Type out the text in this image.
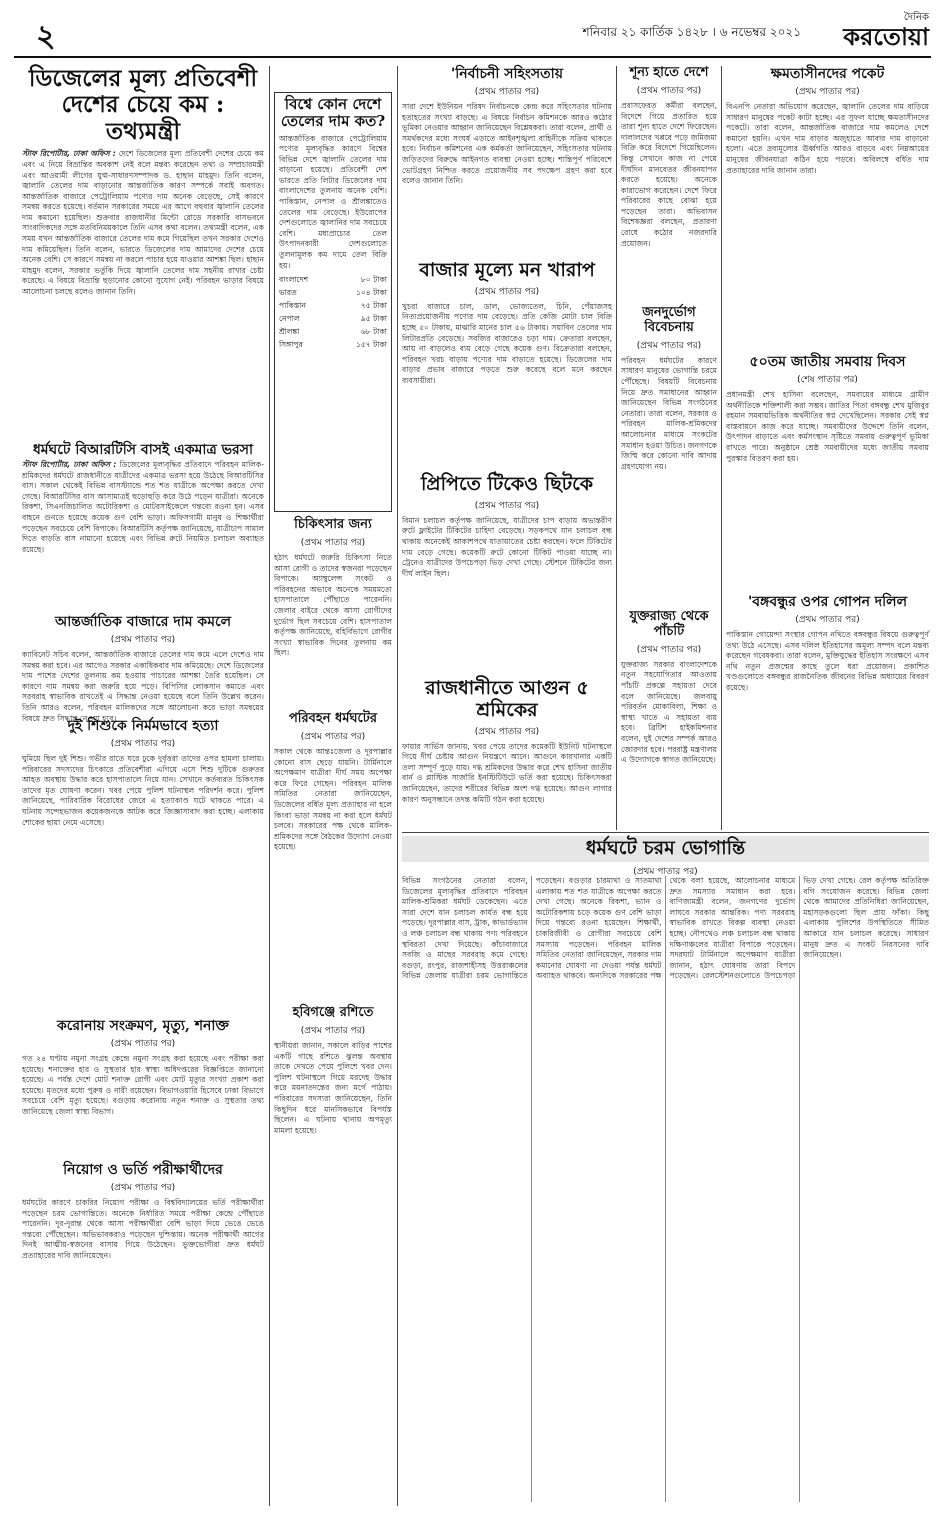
২	শনিবার ২১ কার্তিক ১৪২৮ । ৬ নভেম্বর ২০২১
দৈনিক
করতোয়া
ডিজেলের মূল্য প্রতিবেশী
দেশের চেয়ে কম : তথ্যমন্ত্রী
স্টাফ রিপোর্টার, ঢাকা অফিস : দেশে ডিজেলের মূল্য প্রতিবেশী দেশের চেয়ে কম এবং এ নিয়ে বিভ্রান্তির অবকাশ নেই বলে মন্তব্য করেছেন তথ্য ও সম্প্রচারমন্ত্রী এবং আওয়ামী লীগের যুগ্ম-সাধারণসম্পাদক ড. হাছান মাহমুদ। তিনি বলেন, জ্বালানি তেলের দাম বাড়ানোর আন্তর্জাতিক কারণ সম্পর্কে সবাই অবগত। আন্তর্জাতিক বাজারে পেট্রোলিয়াম পণ্যের দাম অনেক বেড়েছে, সেই কারণে সমন্বয় করতে হয়েছে। বর্তমান সরকারের সময়ে এর আগে বহুবার জ্বালানি তেলের দাম কমানো হয়েছিল। শুক্রবার রাজধানীর মিন্টো রোডে সরকারি বাসভবনে সাংবাদিকদের সঙ্গে মতবিনিময়কালে তিনি এসব কথা বলেন। তথ্যমন্ত্রী বলেন, এক সময় যখন আন্তর্জাতিক বাজারে তেলের দাম কমে গিয়েছিল তখন সরকার দেশেও দাম কমিয়েছিল। তিনি বলেন, ভারতে ডিজেলের দাম আমাদের দেশের চেয়ে অনেক বেশি। সে কারণে সমন্বয় না করলে পাচার হয়ে যাওয়ার আশঙ্কা ছিল। হাছান মাহমুদ বলেন, সরকার ভর্তুকি দিয়ে জ্বালানি তেলের দাম সহনীয় রাখার চেষ্টা করেছে। এ বিষয়ে বিভ্রান্তি ছড়ানোর কোনো সুযোগ নেই। পরিবহন ভাড়ার বিষয়ে আলোচনা চলছে বলেও জানান তিনি।
ধর্মঘটে বিআরটিসি বাসই একমাত্র ভরসা
স্টাফ রিপোর্টার, ঢাকা অফিস : ডিজেলের মূল্যবৃদ্ধির প্রতিবাদে পরিবহন মালিক-শ্রমিকদের ধর্মঘটে রাজধানীতে যাত্রীদের একমাত্র ভরসা হয়ে উঠেছে বিআরটিসির বাস। সকাল থেকেই বিভিন্ন বাসস্ট্যান্ডে শত শত যাত্রীকে অপেক্ষা করতে দেখা গেছে। বিআরটিসির বাস আসামাত্রই হুড়োহুড়ি করে উঠে পড়েন যাত্রীরা। অনেকে রিকশা, সিএনজিচালিত অটোরিকশা ও মোটরসাইকেলে গন্তব্যে রওনা হন। এসব বাহনে গুনতে হয়েছে কয়েক গুণ বেশি ভাড়া। অফিসগামী মানুষ ও শিক্ষার্থীরা পড়েছেন সবচেয়ে বেশি বিপাকে। বিআরটিসি কর্তৃপক্ষ জানিয়েছে, যাত্রীচাপ সামাল দিতে বাড়তি বাস নামানো হয়েছে এবং বিভিন্ন রুটে নিয়মিত চলাচল অব্যাহত রয়েছে।
আন্তর্জাতিক বাজারে দাম কমলে
(প্রথম পাতার পর)
ক্যাবিনেট সচিব বলেন, আন্তর্জাতিক বাজারে তেলের দাম কমে এলে দেশেও দাম সমন্বয় করা হবে। এর আগেও সরকার একাধিকবার দাম কমিয়েছে। দেশে ডিজেলের দাম পাশের দেশের তুলনায় কম হওয়ায় পাচারের আশঙ্কা তৈরি হয়েছিল। সে কারণে দাম সমন্বয় করা জরুরি হয়ে পড়ে। বিপিসির লোকসান কমাতে এবং সরবরাহ স্বাভাবিক রাখতেই এ সিদ্ধান্ত নেওয়া হয়েছে বলে তিনি উল্লেখ করেন। তিনি আরও বলেন, পরিবহন মালিকদের সঙ্গে আলোচনা করে ভাড়া সমন্বয়ের বিষয়ে দ্রুত সিদ্ধান্ত নেওয়া হবে।
দুই শিশুকে নির্মমভাবে হত্যা
(প্রথম পাতার পর)
ঘুমিয়ে ছিল দুই শিশু। গভীর রাতে ঘরে ঢুকে দুর্বৃত্তরা তাদের ওপর হামলা চালায়। পরিবারের সদস্যদের চিৎকারে প্রতিবেশীরা এগিয়ে এসে শিশু দুটিকে গুরুতর আহত অবস্থায় উদ্ধার করে হাসপাতালে নিয়ে যান। সেখানে কর্তব্যরত চিকিৎসক তাদের মৃত ঘোষণা করেন। খবর পেয়ে পুলিশ ঘটনাস্থল পরিদর্শন করে। পুলিশ জানিয়েছে, পারিবারিক বিরোধের জেরে এ হত্যাকাণ্ড ঘটে থাকতে পারে। এ ঘটনায় সন্দেহভাজন কয়েকজনকে আটক করে জিজ্ঞাসাবাদ করা হচ্ছে। এলাকায় শোকের ছায়া নেমে এসেছে।
করোনায় সংক্রমণ, মৃত্যু, শনাক্ত
(প্রথম পাতার পর)
গত ২৪ ঘণ্টায় নমুনা সংগ্রহ কেন্দ্রে নমুনা সংগ্রহ করা হয়েছে এবং পরীক্ষা করা হয়েছে। শনাক্তের হার ও সুস্থতার হার স্বাস্থ্য অধিদপ্তরের বিজ্ঞপ্তিতে জানানো হয়েছে। এ পর্যন্ত দেশে মোট শনাক্ত রোগী এবং মোট মৃত্যুর সংখ্যা প্রকাশ করা হয়েছে। মৃতদের মধ্যে পুরুষ ও নারী রয়েছেন। বিভাগওয়ারি হিসেবে ঢাকা বিভাগে সবচেয়ে বেশি মৃত্যু হয়েছে। বগুড়ায় করোনায় নতুন শনাক্ত ও সুস্থতার তথ্য জানিয়েছে জেলা স্বাস্থ্য বিভাগ।
নিয়োগ ও ভর্তি পরীক্ষার্থীদের
(প্রথম পাতার পর)
ধর্মঘটের কারণে চাকরির নিয়োগ পরীক্ষা ও বিশ্ববিদ্যালয়ের ভর্তি পরীক্ষার্থীরা পড়েছেন চরম ভোগান্তিতে। অনেকে নির্ধারিত সময়ে পরীক্ষা কেন্দ্রে পৌঁছাতে পারেননি। দূর-দূরান্ত থেকে আসা পরীক্ষার্থীরা বেশি ভাড়া দিয়ে ভেঙে ভেঙে গন্তব্যে পৌঁছেছেন। অভিভাবকরাও পড়েছেন দুশ্চিন্তায়। অনেক পরীক্ষার্থী আগের দিনই আত্মীয়-স্বজনের বাসায় গিয়ে উঠেছেন। ভুক্তভোগীরা দ্রুত ধর্মঘট প্রত্যাহারের দাবি জানিয়েছেন।
বিশ্বে কোন দেশে তেলের দাম কত?
আন্তর্জাতিক বাজারে পেট্রোলিয়াম পণ্যের মূল্যবৃদ্ধির কারণে বিশ্বের বিভিন্ন দেশে জ্বালানি তেলের দাম বাড়ানো হয়েছে। প্রতিবেশী দেশ ভারতে প্রতি লিটার ডিজেলের দাম বাংলাদেশের তুলনায় অনেক বেশি। পাকিস্তান, নেপাল ও শ্রীলঙ্কাতেও তেলের দাম বেড়েছে। ইউরোপের দেশগুলোতে জ্বালানির দাম সবচেয়ে বেশি। মধ্যপ্রাচ্যের তেল উৎপাদনকারী দেশগুলোতে তুলনামূলক কম দামে তেল বিক্রি হয়।
বাংলাদেশ	৮০ টাকা
ভারত	১০৪ টাকা
পাকিস্তান	৭৫ টাকা
নেপাল	৯৫ টাকা
শ্রীলঙ্কা	৬৮ টাকা
সিঙ্গাপুর	১৫৭ টাকা
চিকিৎসার জন্য
(প্রথম পাতার পর)
হঠাৎ ধর্মঘটে জরুরি চিকিৎসা নিতে আসা রোগী ও তাদের স্বজনরা পড়েছেন বিপাকে। অ্যাম্বুলেন্স সংকট ও পরিবহনের অভাবে অনেকে সময়মতো হাসপাতালে পৌঁছাতে পারেননি। জেলার বাইরে থেকে আসা রোগীদের দুর্ভোগ ছিল সবচেয়ে বেশি। হাসপাতাল কর্তৃপক্ষ জানিয়েছে, বহির্বিভাগে রোগীর সংখ্যা স্বাভাবিক দিনের তুলনায় কম ছিল।
পরিবহন ধর্মঘটের
(প্রথম পাতার পর)
সকাল থেকে আন্তঃজেলা ও দূরপাল্লার কোনো বাস ছেড়ে যায়নি। টার্মিনালে অপেক্ষমাণ যাত্রীরা দীর্ঘ সময় অপেক্ষা করে ফিরে গেছেন। পরিবহন মালিক সমিতির নেতারা জানিয়েছেন, ডিজেলের বর্ধিত মূল্য প্রত্যাহার না হলে কিংবা ভাড়া সমন্বয় না করা হলে ধর্মঘট চলবে। সরকারের পক্ষ থেকে মালিক-শ্রমিকদের সঙ্গে বৈঠকের উদ্যোগ নেওয়া হয়েছে।
হবিগঞ্জে রশিতে
(প্রথম পাতার পর)
স্থানীয়রা জানান, সকালে বাড়ির পাশের একটি গাছে রশিতে ঝুলন্ত অবস্থায় তাকে দেখতে পেয়ে পুলিশে খবর দেন। পুলিশ ঘটনাস্থলে গিয়ে মরদেহ উদ্ধার করে ময়নাতদন্তের জন্য মর্গে পাঠায়। পরিবারের সদস্যরা জানিয়েছেন, তিনি কিছুদিন ধরে মানসিকভাবে বিপর্যস্ত ছিলেন। এ ঘটনায় থানায় অপমৃত্যু মামলা হয়েছে।
'নির্বাচনী সহিংসতায়
(প্রথম পাতার পর)
সারা দেশে ইউনিয়ন পরিষদ নির্বাচনকে কেন্দ্র করে সহিংসতার ঘটনায় হতাহতের সংখ্যা বাড়ছে। এ বিষয়ে নির্বাচন কমিশনকে আরও কঠোর ভূমিকা নেওয়ার আহ্বান জানিয়েছেন বিশ্লেষকরা। তারা বলেন, প্রার্থী ও সমর্থকদের মধ্যে সংঘর্ষ এড়াতে আইনশৃঙ্খলা বাহিনীকে সক্রিয় থাকতে হবে। নির্বাচন কমিশনের এক কর্মকর্তা জানিয়েছেন, সহিংসতার ঘটনায় জড়িতদের বিরুদ্ধে আইনগত ব্যবস্থা নেওয়া হচ্ছে। শান্তিপূর্ণ পরিবেশে ভোটগ্রহণ নিশ্চিত করতে প্রয়োজনীয় সব পদক্ষেপ গ্রহণ করা হবে বলেও জানান তিনি।
বাজার মূল্যে মন খারাপ
(প্রথম পাতার পর)
খুচরা বাজারে চাল, ডাল, ভোজ্যতেল, চিনি, পেঁয়াজসহ নিত্যপ্রয়োজনীয় পণ্যের দাম বেড়েছে। প্রতি কেজি মোটা চাল বিক্রি হচ্ছে ৫০ টাকায়, মাঝারি মানের চাল ৫৬ টাকায়। সয়াবিন তেলের দাম লিটারপ্রতি বেড়েছে। সবজির বাজারেও চড়া দাম। ক্রেতারা বলছেন, আয় না বাড়লেও ব্যয় বেড়ে গেছে কয়েক গুণ। বিক্রেতারা বলছেন, পরিবহন খরচ বাড়ায় পণ্যের দাম বাড়াতে হয়েছে। ডিজেলের দাম বাড়ার প্রভাব বাজারে পড়তে শুরু করেছে বলে মনে করছেন ব্যবসায়ীরা।
প্রিপিতে টিকেও ছিটকে
(প্রথম পাতার পর)
বিমান চলাচল কর্তৃপক্ষ জানিয়েছে, যাত্রীদের চাপ বাড়ায় অভ্যন্তরীণ রুটে ফ্লাইটের টিকিটের চাহিদা বেড়েছে। সড়কপথে যান চলাচল বন্ধ থাকায় অনেকেই আকাশপথে যাতায়াতের চেষ্টা করছেন। ফলে টিকিটের দাম বেড়ে গেছে। কয়েকটি রুটে কোনো টিকিট পাওয়া যাচ্ছে না। ট্রেনেও যাত্রীদের উপচেপড়া ভিড় দেখা গেছে। স্টেশনে টিকিটের জন্য দীর্ঘ লাইন ছিল।
রাজধানীতে আগুন ৫ শ্রমিকের
(প্রথম পাতার পর)
ফায়ার সার্ভিস জানায়, খবর পেয়ে তাদের কয়েকটি ইউনিট ঘটনাস্থলে গিয়ে দীর্ঘ চেষ্টায় আগুন নিয়ন্ত্রণে আনে। আগুনে কারখানার একটি তলা সম্পূর্ণ পুড়ে যায়। দগ্ধ শ্রমিকদের উদ্ধার করে শেখ হাসিনা জাতীয় বার্ন ও প্লাস্টিক সার্জারি ইনস্টিটিউটে ভর্তি করা হয়েছে। চিকিৎসকরা জানিয়েছেন, তাদের শরীরের বিভিন্ন অংশ দগ্ধ হয়েছে। আগুন লাগার কারণ অনুসন্ধানে তদন্ত কমিটি গঠন করা হয়েছে।
শূন্য হাতে দেশে
(প্রথম পাতার পর)
প্রবাসফেরত কর্মীরা বলছেন, বিদেশে গিয়ে প্রতারিত হয়ে তারা শূন্য হাতে দেশে ফিরেছেন। দালালদের খপ্পরে পড়ে জমিজমা বিক্রি করে বিদেশে গিয়েছিলেন। কিন্তু সেখানে কাজ না পেয়ে দীর্ঘদিন মানবেতর জীবনযাপন করতে হয়েছে। অনেকে কারাভোগ করেছেন। দেশে ফিরে পরিবারের কাছে বোঝা হয়ে পড়েছেন তারা। অভিবাসন বিশেষজ্ঞরা বলছেন, প্রতারণা রোধে কঠোর নজরদারি প্রয়োজন।
জনদুর্ভোগ বিবেচনায়
(প্রথম পাতার পর)
পরিবহন ধর্মঘটের কারণে সাধারণ মানুষের ভোগান্তি চরমে পৌঁছেছে। বিষয়টি বিবেচনায় নিয়ে দ্রুত সমাধানের আহ্বান জানিয়েছেন বিভিন্ন সংগঠনের নেতারা। তারা বলেন, সরকার ও পরিবহন মালিক-শ্রমিকদের আলোচনার মাধ্যমে সংকটের সমাধান হওয়া উচিত। জনগণকে জিম্মি করে কোনো দাবি আদায় গ্রহণযোগ্য নয়।
যুক্তরাজ্য থেকে পাঁচটি
(প্রথম পাতার পর)
যুক্তরাজ্য সরকার বাংলাদেশকে নতুন সহযোগিতার আওতায় পাঁচটি প্রকল্পে সহায়তা দেবে বলে জানিয়েছে। জলবায়ু পরিবর্তন মোকাবিলা, শিক্ষা ও স্বাস্থ্য খাতে এ সহায়তা ব্যয় হবে। ব্রিটিশ হাইকমিশনার বলেন, দুই দেশের সম্পর্ক আরও জোরদার হবে। পররাষ্ট্র মন্ত্রণালয় এ উদ্যোগকে স্বাগত জানিয়েছে।
ক্ষমতাসীনদের পকেট
(প্রথম পাতার পর)
বিএনপি নেতারা অভিযোগ করেছেন, জ্বালানি তেলের দাম বাড়িয়ে সাধারণ মানুষের পকেট কাটা হচ্ছে। এর সুফল যাচ্ছে ক্ষমতাসীনদের পকেটে। তারা বলেন, আন্তর্জাতিক বাজারে দাম কমলেও দেশে কমানো হয়নি। এখন দাম বাড়ার অজুহাতে আবার দাম বাড়ানো হলো। এতে দ্রব্যমূল্যের ঊর্ধ্বগতি আরও বাড়বে এবং নিম্নআয়ের মানুষের জীবনযাত্রা কঠিন হয়ে পড়বে। অবিলম্বে বর্ধিত দাম প্রত্যাহারের দাবি জানান তারা।
৫০তম জাতীয় সমবায় দিবস
(শেষ পাতার পর)
প্রধানমন্ত্রী শেখ হাসিনা বলেছেন, সমবায়ের মাধ্যমে গ্রামীণ অর্থনীতিকে শক্তিশালী করা সম্ভব। জাতির পিতা বঙ্গবন্ধু শেখ মুজিবুর রহমান সমবায়ভিত্তিক অর্থনীতির স্বপ্ন দেখেছিলেন। সরকার সেই স্বপ্ন বাস্তবায়নে কাজ করে যাচ্ছে। সমবায়ীদের উদ্দেশে তিনি বলেন, উৎপাদন বাড়াতে এবং কর্মসংস্থান সৃষ্টিতে সমবায় গুরুত্বপূর্ণ ভূমিকা রাখতে পারে। অনুষ্ঠানে শ্রেষ্ঠ সমবায়ীদের মধ্যে জাতীয় সমবায় পুরস্কার বিতরণ করা হয়।
'বঙ্গবন্ধুর ওপর গোপন দলিল
(প্রথম পাতার পর)
পাকিস্তান গোয়েন্দা সংস্থার গোপন নথিতে বঙ্গবন্ধুর বিষয়ে গুরুত্বপূর্ণ তথ্য উঠে এসেছে। এসব দলিল ইতিহাসের অমূল্য সম্পদ বলে মন্তব্য করেছেন গবেষকরা। তারা বলেন, মুক্তিযুদ্ধের ইতিহাস সংরক্ষণে এসব নথি নতুন প্রজন্মের কাছে তুলে ধরা প্রয়োজন। প্রকাশিত খণ্ডগুলোতে বঙ্গবন্ধুর রাজনৈতিক জীবনের বিভিন্ন অধ্যায়ের বিবরণ রয়েছে।
ধর্মঘটে চরম ভোগান্তি
(প্রথম পাতার পর)
বিভিন্ন সংগঠনের নেতারা বলেন, ডিজেলের মূল্যবৃদ্ধির প্রতিবাদে পরিবহন মালিক-শ্রমিকরা ধর্মঘট ডেকেছেন। এতে সারা দেশে যান চলাচল কার্যত বন্ধ হয়ে পড়েছে। দূরপাল্লার বাস, ট্রাক, কাভার্ডভ্যান ও লঞ্চ চলাচল বন্ধ থাকায় পণ্য পরিবহনে স্থবিরতা দেখা দিয়েছে। কাঁচাবাজারে সবজি ও মাছের সরবরাহ কমে গেছে। বগুড়া, রংপুর, রাজশাহীসহ উত্তরাঞ্চলের বিভিন্ন জেলায় যাত্রীরা চরম ভোগান্তিতে পড়েছেন। বগুড়ার চারমাথা ও সাতমাথা এলাকায় শত শত যাত্রীকে অপেক্ষা করতে দেখা গেছে। অনেকে রিকশা, ভ্যান ও অটোরিকশায় চড়ে কয়েক গুণ বেশি ভাড়া দিয়ে গন্তব্যে রওনা হয়েছেন। শিক্ষার্থী, চাকরিজীবী ও রোগীরা সবচেয়ে বেশি সমস্যায় পড়েছেন। পরিবহন মালিক সমিতির নেতারা জানিয়েছেন, সরকার দাম কমানোর ঘোষণা না দেওয়া পর্যন্ত ধর্মঘট অব্যাহত থাকবে। অন্যদিকে সরকারের পক্ষ থেকে বলা হয়েছে, আলোচনার মাধ্যমে দ্রুত সমস্যার সমাধান করা হবে। বাণিজ্যমন্ত্রী বলেন, জনগণের দুর্ভোগ লাঘবে সরকার আন্তরিক। পণ্য সরবরাহ স্বাভাবিক রাখতে বিকল্প ব্যবস্থা নেওয়া হচ্ছে। নৌপথেও লঞ্চ চলাচল বন্ধ থাকায় দক্ষিণাঞ্চলের যাত্রীরা বিপাকে পড়েছেন। সদরঘাট টার্মিনালে অপেক্ষমাণ যাত্রীরা জানান, হঠাৎ ঘোষণায় তারা বিপদে পড়েছেন। রেলস্টেশনগুলোতে উপচেপড়া ভিড় দেখা গেছে। রেল কর্তৃপক্ষ অতিরিক্ত বগি সংযোজন করেছে। বিভিন্ন জেলা থেকে আমাদের প্রতিনিধিরা জানিয়েছেন, মহাসড়কগুলো ছিল প্রায় ফাঁকা। কিছু এলাকায় পুলিশের উপস্থিতিতে সীমিত আকারে যান চলাচল করেছে। সাধারণ মানুষ দ্রুত এ সংকট নিরসনের দাবি জানিয়েছেন।
